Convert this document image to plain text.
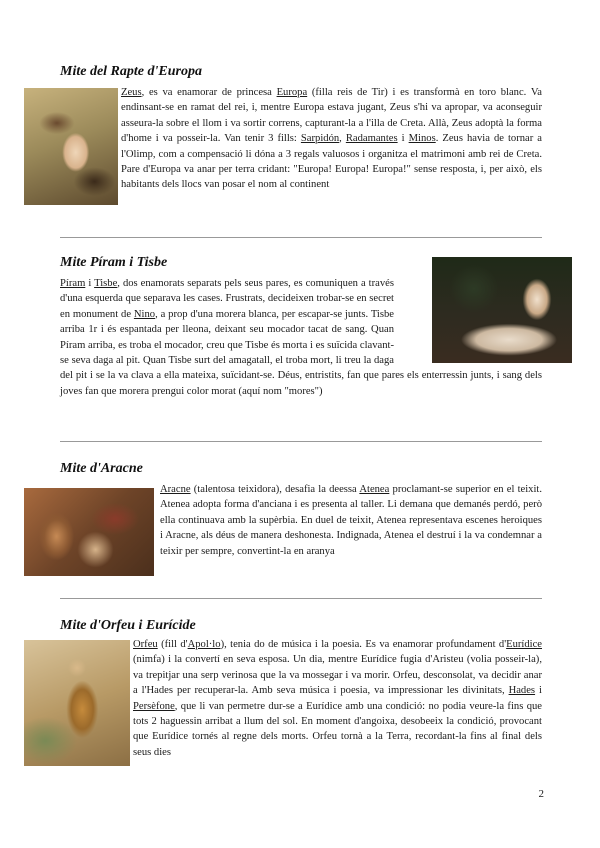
Mite del Rapte d'Europa

Zeus, es va enamorar de princesa Europa (filla reis de Tir) i es transformà en toro blanc. Va endinsant-se en ramat del rei, i, mentre Europa estava jugant, Zeus s'hi va apropar, va aconseguir asseura-la sobre el llom i va sortir correns, capturant-la a l'illa de Creta. Allà, Zeus adoptà la forma d'home i va posseir-la. Van tenir 3 fills: Sarpidón, Radamantes i Minos. Zeus havia de tornar a l'Olimp, com a compensació li dóna a 3 regals valuosos i organitza el matrimoni amb rei de Creta. Pare d'Europa va anar per terra cridant: "Europa! Europa! Europa!" sense resposta, i, per això, els habitants dels llocs van posar el nom al continent

Mite Píram i Tisbe

Píram i Tisbe, dos enamorats separats pels seus pares, es comuniquen a través d'una esquerda que separava les cases. Frustrats, decideixen trobar-se en secret en monument de Nino, a prop d'una morera blanca, per escapar-se junts. Tisbe arriba 1r i és espantada per lleona, deixant seu mocador tacat de sang. Quan Píram arriba, es troba el mocador, creu que Tisbe és morta i es suïcida clavant-se seva daga al pit. Quan Tisbe surt del amagatall, el troba mort, li treu la daga del pit i se la va clava a ella mateixa, suïcidant-se. Déus, entristits, fan que pares els enterressin junts, i sang dels joves fan que morera prengui color morat (aquí nom "mores")

Mite d'Aracne

Aracne (talentosa teixidora), desafia la deessa Atenea proclamant-se superior en el teixit. Atenea adopta forma d'anciana i es presenta al taller. Li demana que demanés perdó, però ella continuava amb la supèrbia. En duel de teixit, Atenea representava escenes heroiques i Aracne, als déus de manera deshonesta. Indignada, Atenea el destruí i la va condemnar a teixir per sempre, convertint-la en aranya

Mite d'Orfeu i Eurícide

Orfeu (fill d'Apol·lo), tenia do de música i la poesia. Es va enamorar profundament d'Eurídice (nimfa) i la convertí en seva esposa. Un dia, mentre Eurídice fugia d'Aristeu (volia posseir-la), va trepitjar una serp verinosa que la va mossegar i va morir. Orfeu, desconsolat, va decidir anar a l'Hades per recuperar-la. Amb seva música i poesia, va impressionar les divinitats, Hades i Persèfone, que li van permetre dur-se a Eurídice amb una condició: no podia veure-la fins que tots 2 haguessin arribat a llum del sol. En moment d'angoixa, desobeeix la condició, provocant que Eurídice tornés al regne dels morts. Orfeu tornà a la Terra, recordant-la fins al final dels seus dies

2
